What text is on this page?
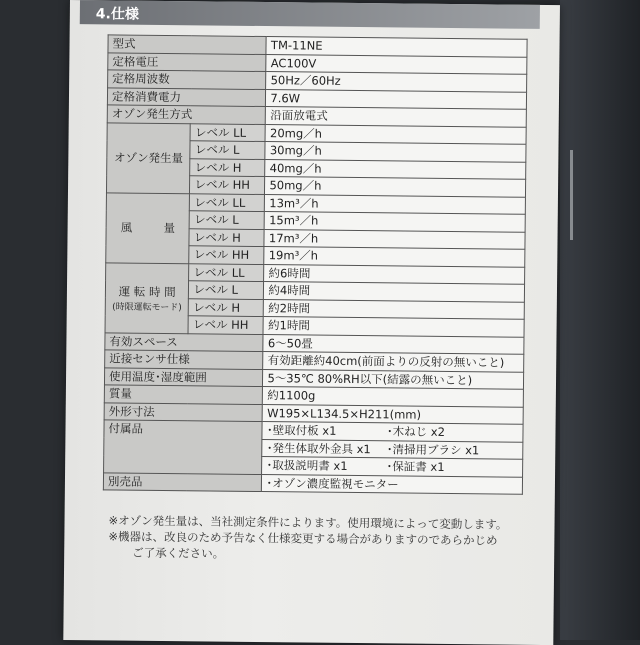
4.仕様
型式		TM-11NE
定格電圧		AC100V
定格周波数		50Hz／60Hz
定格消費電力		7.6W
オゾン発生方式		沿面放電式
オゾン発生量	レベル LL	20mg／h
	レベル L	30mg／h
	レベル H	40mg／h
	レベル HH	50mg／h

風 量	レベル LL	13m³／h
	レベル L	15m³／h
	レベル H	17m³／h
	レベル HH	19m³／h
運 転 時 間
(時限運転モード)	レベル LL	約6時間
	レベル L	約4時間
	レベル H	約2時間
	レベル HH	約1時間
有効スペース		6～50畳
近接センサ仕様		有効距離約40cm(前面よりの反射の無いこと)
使用温度･湿度範囲		5～35℃ 80%RH以下(結露の無いこと)
質量		約1100g
外形寸法		W195×L134.5×H211(mm)
付属品		･壁取付板 x1 ･木ねじ x2

		･発生体取外金具 x1 ･清掃用ブラシ x1

		･取扱説明書 x1 ･保証書 x1

別売品		･オゾン濃度監視モニター

※オゾン発生量は、当社測定条件によります。使用環境によって変動します。

※機器は、改良のため予告なく仕様変更する場合がありますのであらかじめ

ご了承ください。
